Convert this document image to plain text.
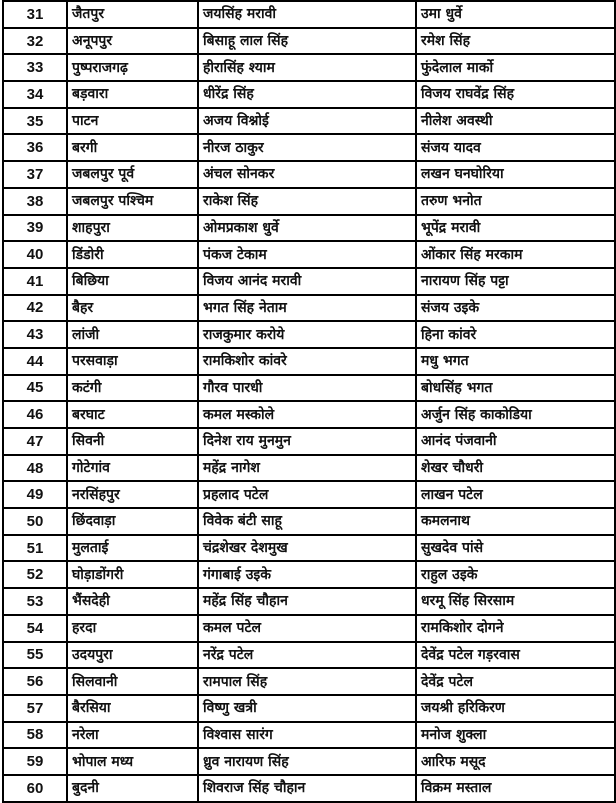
31	जैतपुर	जयसिंह मरावी	उमा धुर्वे
32	अनूपपुर	बिसाहू लाल सिंह	रमेश सिंह
33	पुष्पराजगढ़	हीरासिंह श्याम	फुंदेलाल मार्को
34	बड़वारा	धीरेंद्र सिंह	विजय राघवेंद्र सिंह
35	पाटन	अजय विश्नोई	नीलेश अवस्थी
36	बरगी	नीरज ठाकुर	संजय यादव
37	जबलपुर पूर्व	अंचल सोनकर	लखन घनघोरिया
38	जबलपुर पश्चिम	राकेश सिंह	तरुण भनोत
39	शाहपुरा	ओमप्रकाश धुर्वे	भूपेंद्र मरावी
40	डिंडोरी	पंकज टेकाम	ओंकार सिंह मरकाम
41	बिछिया	विजय आनंद मरावी	नारायण सिंह पट्टा
42	बैहर	भगत सिंह नेताम	संजय उइके
43	लांजी	राजकुमार करोये	हिना कांवरे
44	परसवाड़ा	रामकिशोर कांवरे	मधु भगत
45	कटंगी	गौरव पारधी	बोधसिंह भगत
46	बरघाट	कमल मस्कोले	अर्जुन सिंह काकोडिया
47	सिवनी	दिनेश राय मुनमुन	आनंद पंजवानी
48	गोटेगांव	महेंद्र नागेश	शेखर चौधरी
49	नरसिंहपुर	प्रहलाद पटेल	लाखन पटेल
50	छिंदवाड़ा	विवेक बंटी साहू	कमलनाथ
51	मुलताई	चंद्रशेखर देशमुख	सुखदेव पांसे
52	घोड़ाडोंगरी	गंगाबाई उइके	राहुल उइके
53	भैंसदेही	महेंद्र सिंह चौहान	धरमू सिंह सिरसाम
54	हरदा	कमल पटेल	रामकिशोर दोगने
55	उदयपुरा	नरेंद्र पटेल	देवेंद्र पटेल गड़रवास
56	सिलवानी	रामपाल सिंह	देवेंद्र पटेल
57	बैरसिया	विष्णु खत्री	जयश्री हरिकिरण
58	नरेला	विश्वास सारंग	मनोज शुक्ला
59	भोपाल मध्य	ध्रुव नारायण सिंह	आरिफ मसूद
60	बुदनी	शिवराज सिंह चौहान	विक्रम मस्ताल
